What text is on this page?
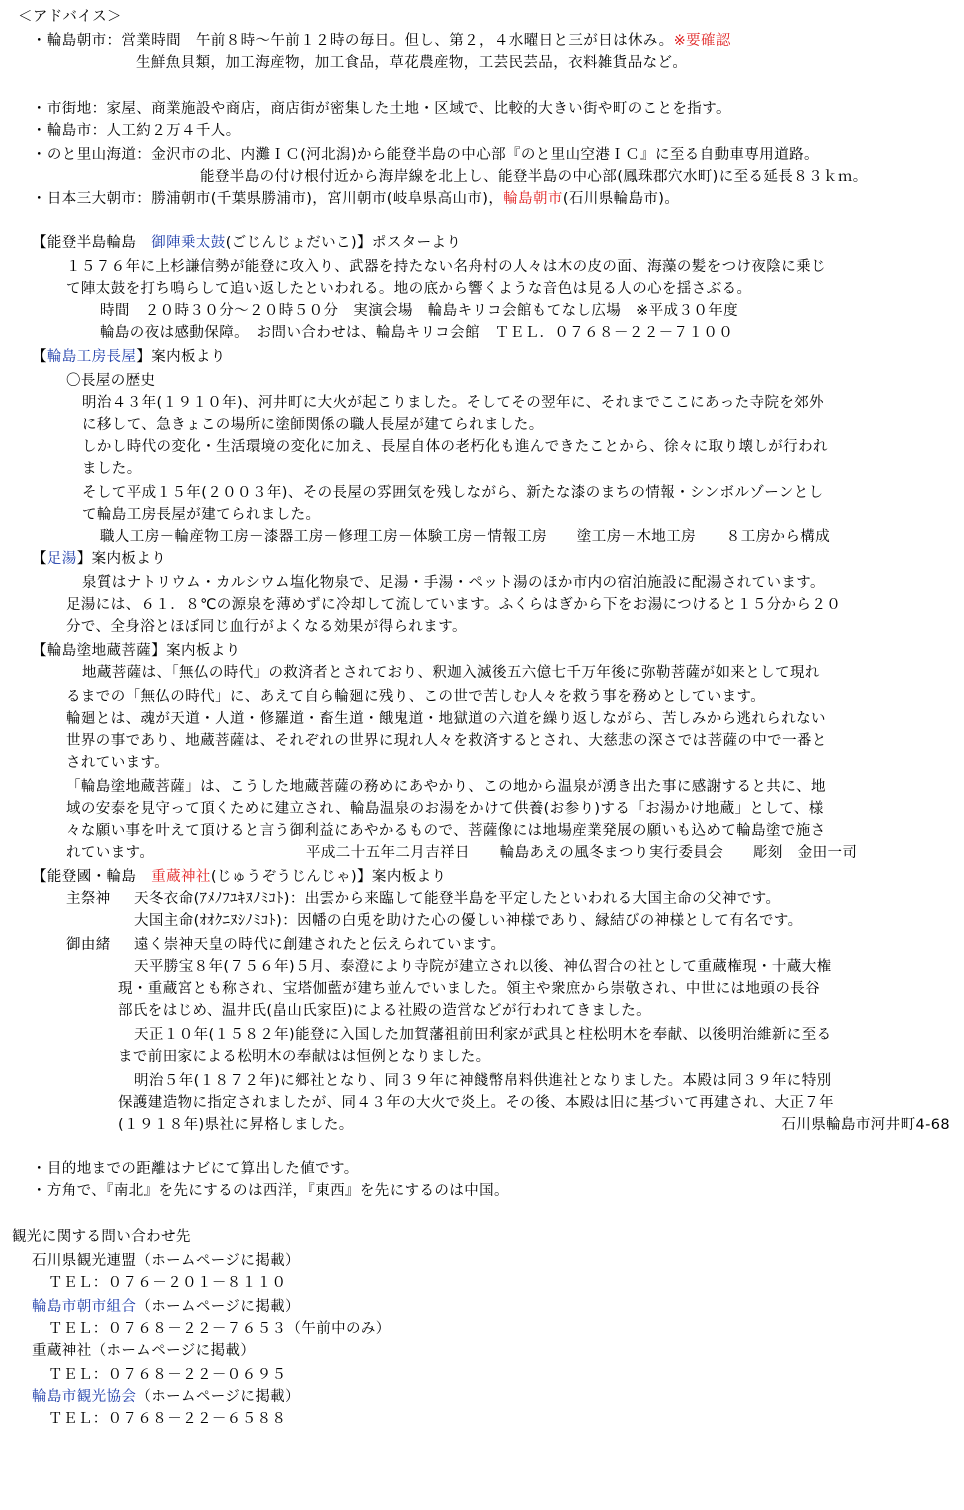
＜アドバイス＞
・輪島朝市：営業時間　午前８時～午前１２時の毎日。但し、第２，４水曜日と三が日は休み。※要確認
生鮮魚貝類，加工海産物，加工食品，草花農産物，工芸民芸品，衣料雑貨品など。
・市街地：家屋、商業施設や商店，商店街が密集した土地・区域で、比較的大きい街や町のことを指す。
・輪島市：人工約２万４千人。
・のと里山海道：金沢市の北、内灘ＩＣ(河北潟)から能登半島の中心部『のと里山空港ＩＣ』に至る自動車専用道路。
能登半島の付け根付近から海岸線を北上し、能登半島の中心部(鳳珠郡穴水町)に至る延長８３ｋｍ。
・日本三大朝市：勝浦朝市(千葉県勝浦市)，宮川朝市(岐阜県高山市)，輪島朝市(石川県輪島市)。
【能登半島輪島　御陣乗太鼓(ごじんじょだいこ)】ポスターより
１５７６年に上杉謙信勢が能登に攻入り、武器を持たない名舟村の人々は木の皮の面、海藻の髪をつけ夜陰に乗じ
て陣太鼓を打ち鳴らして追い返したといわれる。地の底から響くような音色は見る人の心を揺さぶる。
時間　２０時３０分～２０時５０分　実演会場　輪島キリコ会館もてなし広場　※平成３０年度
輪島の夜は感動保障。　お問い合わせは、輪島キリコ会館　ＴＥＬ．０７６８－２２－７１００
【輪島工房長屋】案内板より
〇長屋の歴史
明治４３年(１９１０年)、河井町に大火が起こりました。そしてその翌年に、それまでここにあった寺院を郊外
に移して、急きょこの場所に塗師関係の職人長屋が建てられました。
しかし時代の変化・生活環境の変化に加え、長屋自体の老朽化も進んできたことから、徐々に取り壊しが行われ
ました。
そして平成１５年(２００３年)、その長屋の雰囲気を残しながら、新たな漆のまちの情報・シンボルゾーンとし
て輪島工房長屋が建てられました。
職人工房－輪産物工房－漆器工房－修理工房－体験工房－情報工房　　塗工房－木地工房　　８工房から構成
【足湯】案内板より
泉質はナトリウム・カルシウム塩化物泉で、足湯・手湯・ペット湯のほか市内の宿泊施設に配湯されています。
足湯には、６１．８℃の源泉を薄めずに冷却して流しています。ふくらはぎから下をお湯につけると１５分から２０
分で、全身浴とほぼ同じ血行がよくなる効果が得られます。
【輪島塗地蔵菩薩】案内板より
地蔵菩薩は、「無仏の時代」の救済者とされており、釈迦入滅後五六億七千万年後に弥勒菩薩が如来として現れ
るまでの「無仏の時代」に、あえて自ら輪廻に残り、この世で苦しむ人々を救う事を務めとしています。
輪廻とは、魂が天道・人道・修羅道・畜生道・餓鬼道・地獄道の六道を繰り返しながら、苦しみから逃れられない
世界の事であり、地蔵菩薩は、それぞれの世界に現れ人々を救済するとされ、大慈悲の深さでは菩薩の中で一番と
されています。
「輪島塗地蔵菩薩」は、こうした地蔵菩薩の務めにあやかり、この地から温泉が湧き出た事に感謝すると共に、地
域の安泰を見守って頂くために建立され、輪島温泉のお湯をかけて供養(お参り)する「お湯かけ地蔵」として、様
々な願い事を叶えて頂けると言う御利益にあやかるもので、菩薩像には地場産業発展の願いも込めて輪島塗で施さ
れています。	平成二十五年二月吉祥日　　輪島あえの風冬まつり実行委員会　　彫刻　金田一司
【能登國・輪島　重蔵神社(じゅうぞうじんじゃ)】案内板より
主祭神 天冬衣命(ｱﾒﾉﾌﾕｷﾇﾉﾐｺﾄ)：出雲から来臨して能登半島を平定したといわれる大国主命の父神です。
大国主命(ｵｵｸﾆﾇｼﾉﾐｺﾄ)：因幡の白兎を助けた心の優しい神様であり、縁結びの神様として有名です。
御由緒 遠く崇神天皇の時代に創建されたと伝えられています。
天平勝宝８年(７５６年)５月、泰澄により寺院が建立され以後、神仏習合の社として重蔵権現・十蔵大権
現・重蔵宮とも称され、宝塔伽藍が建ち並んでいました。領主や衆庶から崇敬され、中世には地頭の長谷
部氏をはじめ、温井氏(畠山氏家臣)による社殿の造営などが行われてきました。
天正１０年(１５８２年)能登に入国した加賀藩祖前田利家が武具と柱松明木を奉献、以後明治維新に至る
まで前田家による松明木の奉献はは恒例となりました。
明治５年(１８７２年)に郷社となり、同３９年に神餞幣帛料供進社となりました。本殿は同３９年に特別
保護建造物に指定されましたが、同４３年の大火で炎上。その後、本殿は旧に基づいて再建され、大正７年
(１９１８年)県社に昇格しました。	石川県輪島市河井町4-68
・目的地までの距離はナビにて算出した値です。
・方角で、『南北』を先にするのは西洋，『東西』を先にするのは中国。
観光に関する問い合わせ先
石川県観光連盟（ホームページに掲載）
ＴＥＬ：０７６－２０１－８１１０
輪島市朝市組合（ホームページに掲載）
ＴＥＬ：０７６８－２２－７６５３（午前中のみ）
重蔵神社（ホームページに掲載）
ＴＥＬ：０７６８－２２－０６９５
輪島市観光協会（ホームページに掲載）
ＴＥＬ：０７６８－２２－６５８８
